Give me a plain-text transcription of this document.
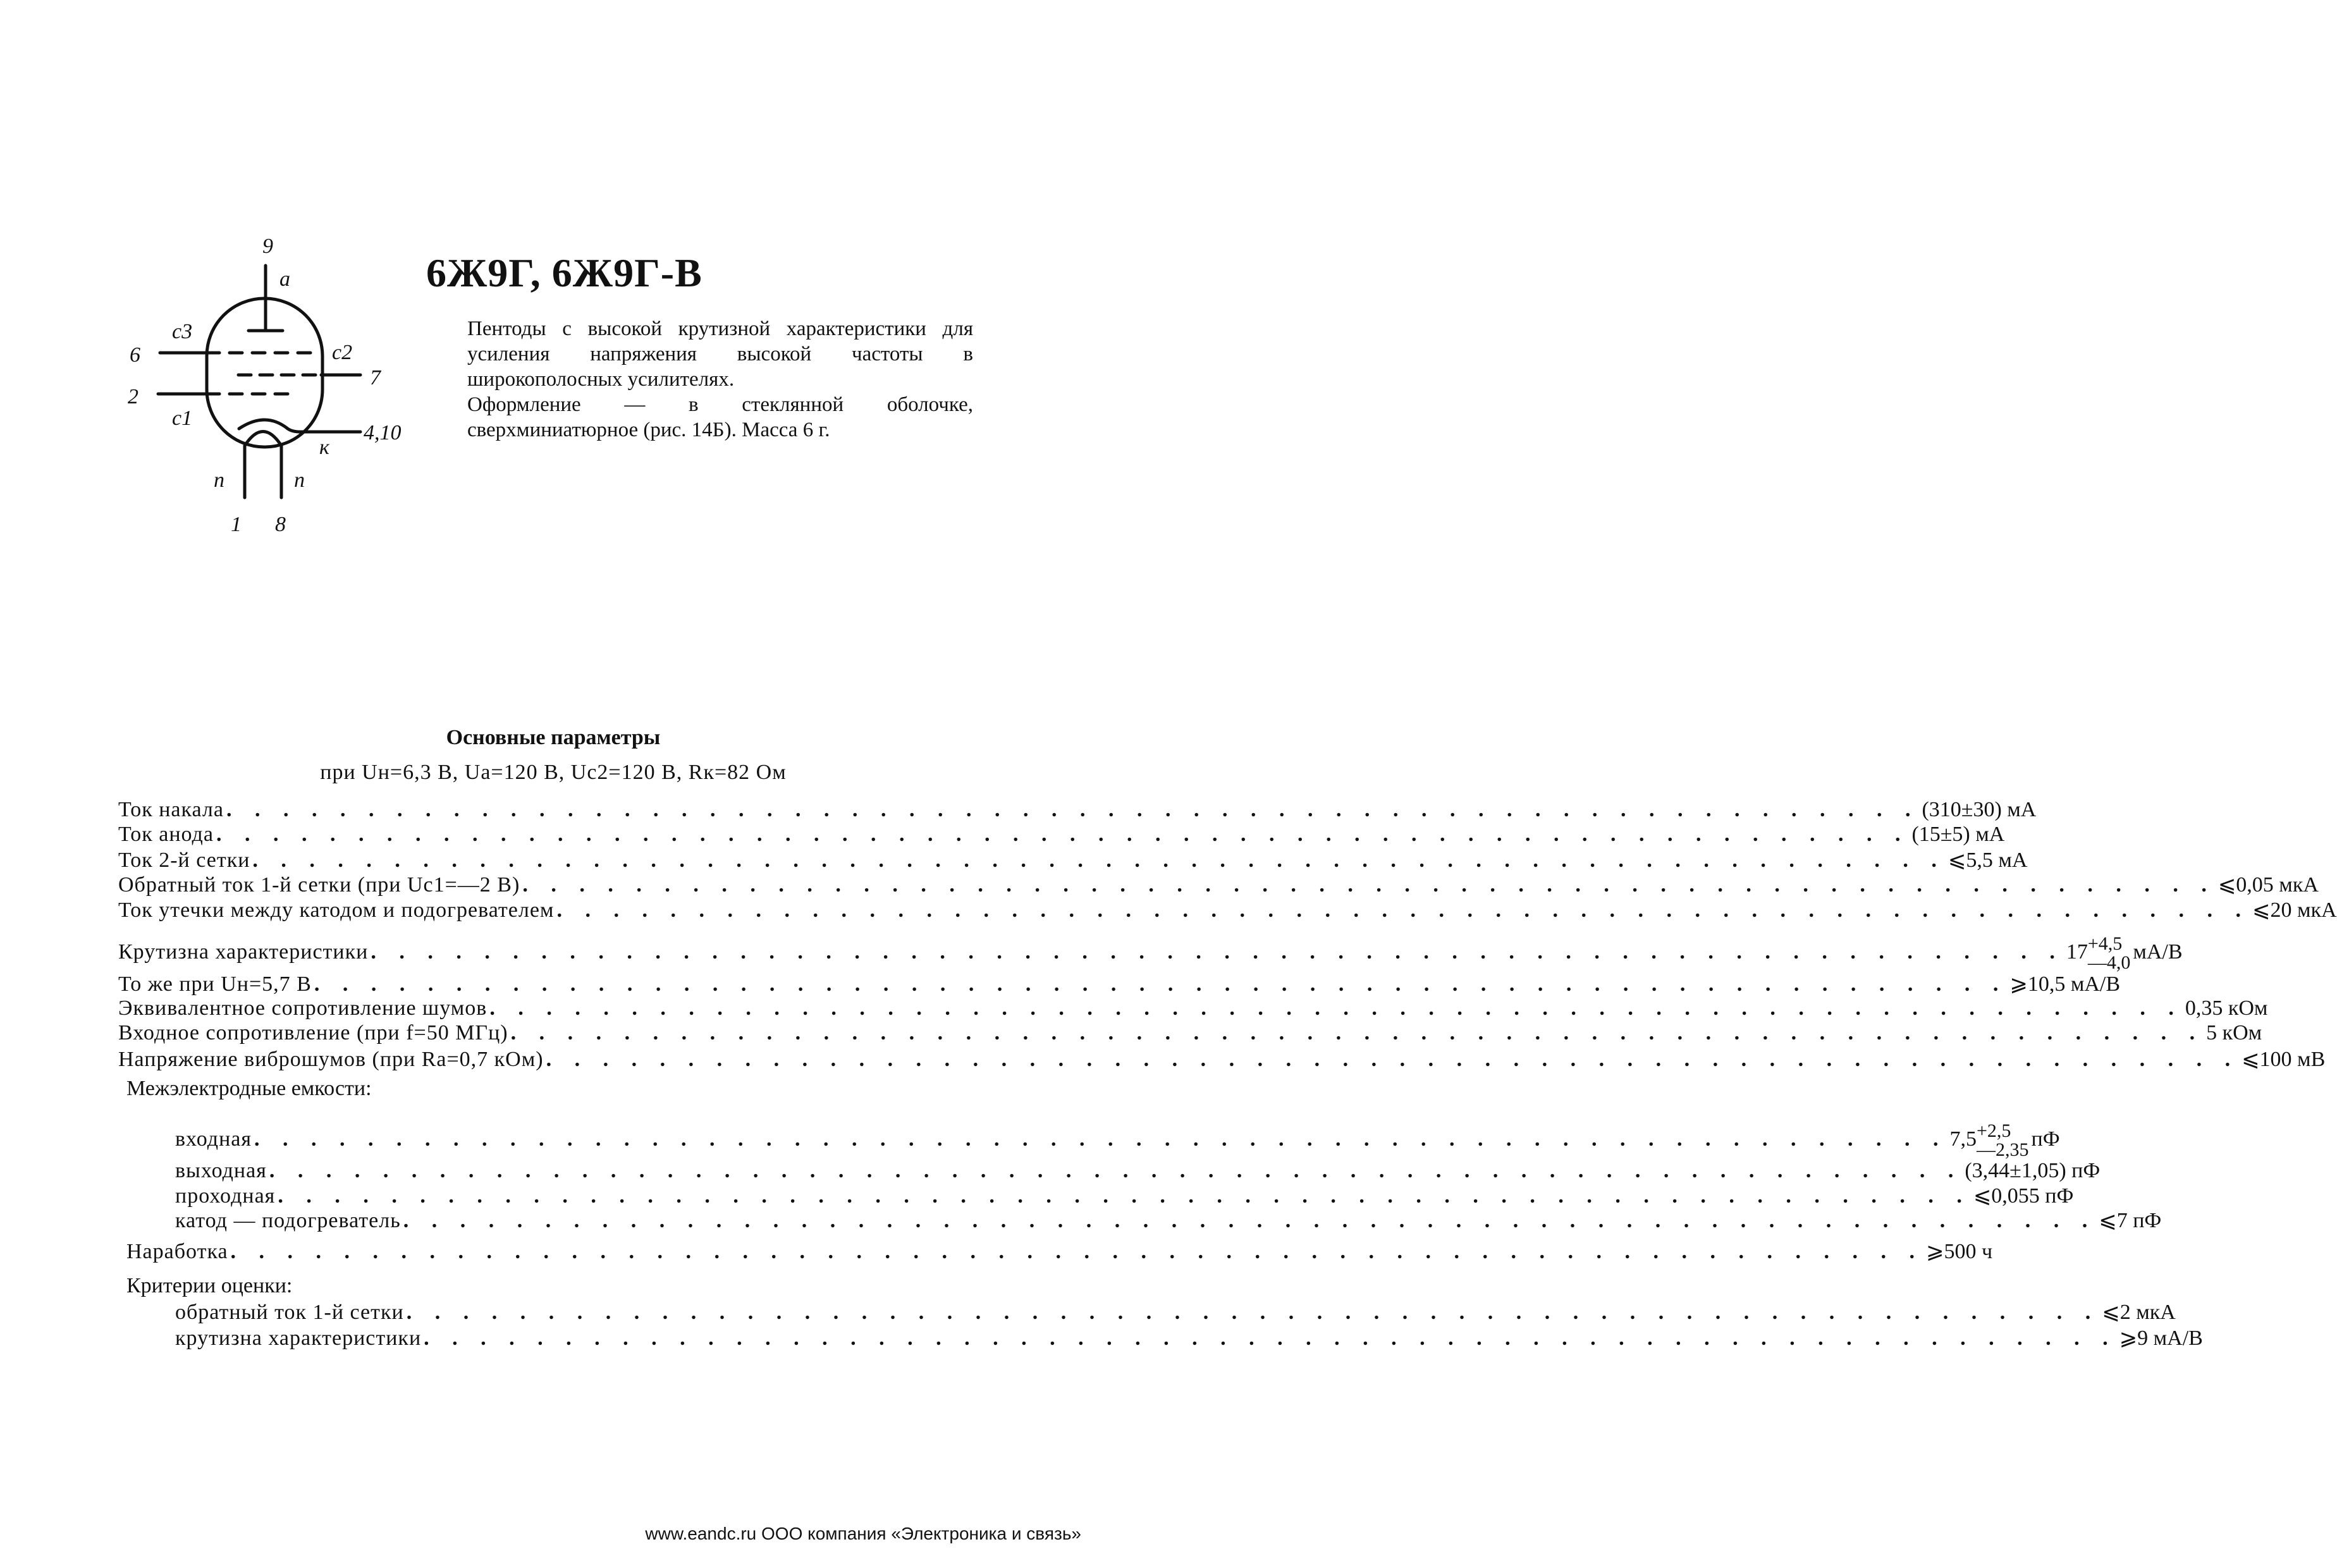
9
a
с3
6	с2
7
2
с1
4,10
к
п	п
1 8
6Ж9Г, 6Ж9Г-В

Пентоды с высокой крутизной характеристики для усиления напряжения высокой частоты в широкополосных усилителях.

Оформление — в стеклянной оболочке, сверхминиатюрное (рис. 14Б). Масса 6 г.

Основные параметры
при Uн=6,3 В, Uа=120 В, Uс2=120 В, Rк=82 Ом
Ток накала . . . . . . . . . . . . . . . . . . . . . . . . . . . . . . . . . . . . . . . . . . . . . . . . . . . . . . . . . . . . (310±30) мА
Ток анода . . . . . . . . . . . . . . . . . . . . . . . . . . . . . . . . . . . . . . . . . . . . . . . . . . . . . . . . . . . . (15±5) мА
Ток 2-й сетки . . . . . . . . . . . . . . . . . . . . . . . . . . . . . . . . . . . . . . . . . . . . . . . . . . . . . . . . . . . . ⩽5,5 мА
Обратный ток 1-й сетки (при Uс1=—2 В) . . . . . . . . . . . . . . . . . . . . . . . . . . . . . . . . . . . . . . . . . . . . . . . . . . . . . . . . . . . . ⩽0,05 мкА
Ток утечки между катодом и подогревателем . . . . . . . . . . . . . . . . . . . . . . . . . . . . . . . . . . . . . . . . . . . . . . . . . . . . . . . . . . . . ⩽20 мкА
Крутизна характеристики . . . . . . . . . . . . . . . . . . . . . . . . . . . . . . . . . . . . . . . . . . . . . . . . . . . . . . . . . . . . 17 +4,5
—4,0 мА/В
То же при Uн=5,7 В . . . . . . . . . . . . . . . . . . . . . . . . . . . . . . . . . . . . . . . . . . . . . . . . . . . . . . . . . . . . ⩾10,5 мА/В
Эквивалентное сопротивление шумов . . . . . . . . . . . . . . . . . . . . . . . . . . . . . . . . . . . . . . . . . . . . . . . . . . . . . . . . . . . . 0,35 кОм
Входное сопротивление (при f=50 МГц) . . . . . . . . . . . . . . . . . . . . . . . . . . . . . . . . . . . . . . . . . . . . . . . . . . . . . . . . . . . . 5 кОм
Напряжение виброшумов (при Rа=0,7 кОм) . . . . . . . . . . . . . . . . . . . . . . . . . . . . . . . . . . . . . . . . . . . . . . . . . . . . . . . . . . . . ⩽100 мВ
Межэлектродные емкости:
входная . . . . . . . . . . . . . . . . . . . . . . . . . . . . . . . . . . . . . . . . . . . . . . . . . . . . . . . . . . . . 7,5 +2,5
—2,35 пФ
выходная . . . . . . . . . . . . . . . . . . . . . . . . . . . . . . . . . . . . . . . . . . . . . . . . . . . . . . . . . . . . (3,44±1,05) пФ
проходная . . . . . . . . . . . . . . . . . . . . . . . . . . . . . . . . . . . . . . . . . . . . . . . . . . . . . . . . . . . . ⩽0,055 пФ
катод — подогреватель . . . . . . . . . . . . . . . . . . . . . . . . . . . . . . . . . . . . . . . . . . . . . . . . . . . . . . . . . . . . ⩽7 пФ
Наработка . . . . . . . . . . . . . . . . . . . . . . . . . . . . . . . . . . . . . . . . . . . . . . . . . . . . . . . . . . . . ⩾500 ч
Критерии оценки:
обратный ток 1-й сетки . . . . . . . . . . . . . . . . . . . . . . . . . . . . . . . . . . . . . . . . . . . . . . . . . . . . . . . . . . . . ⩽2 мкА
крутизна характеристики . . . . . . . . . . . . . . . . . . . . . . . . . . . . . . . . . . . . . . . . . . . . . . . . . . . . . . . . . . . . ⩾9 мА/В
www.eandc.ru ООО компания «Электроника и связь»
